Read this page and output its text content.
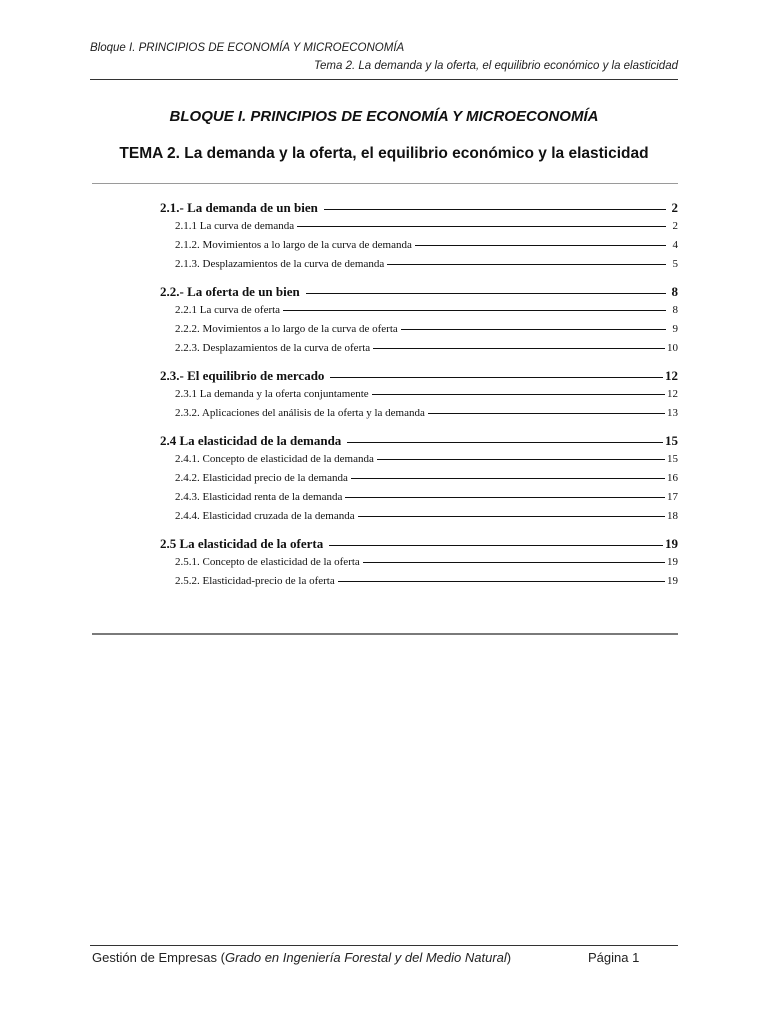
Bloque I. PRINCIPIOS DE ECONOMÍA Y MICROECONOMÍA
Tema 2. La demanda y la oferta, el equilibrio económico y la elasticidad
BLOQUE I. PRINCIPIOS DE ECONOMÍA Y MICROECONOMÍA
TEMA 2. La demanda y la oferta, el equilibrio económico y la elasticidad
2.1.- La demanda de un bien	2
2.1.1 La curva de demanda	2
2.1.2. Movimientos a lo largo de la curva de demanda	4
2.1.3. Desplazamientos de la curva de demanda	5
2.2.- La oferta de un bien	8
2.2.1 La curva de oferta	8
2.2.2. Movimientos a lo largo de la curva de oferta	9
2.2.3. Desplazamientos de la curva de oferta	10
2.3.- El equilibrio de mercado	12
2.3.1 La demanda y la oferta conjuntamente	12
2.3.2. Aplicaciones del análisis de la oferta y la demanda	13
2.4 La elasticidad de la demanda	15
2.4.1. Concepto de elasticidad de la demanda	15
2.4.2. Elasticidad precio de la demanda	16
2.4.3. Elasticidad renta de la demanda	17
2.4.4. Elasticidad cruzada de la demanda	18
2.5 La elasticidad de la oferta	19
2.5.1. Concepto de elasticidad de la oferta	19
2.5.2. Elasticidad-precio de la oferta	19
Gestión de Empresas (Grado en Ingeniería Forestal y del Medio Natural)	Página 1
